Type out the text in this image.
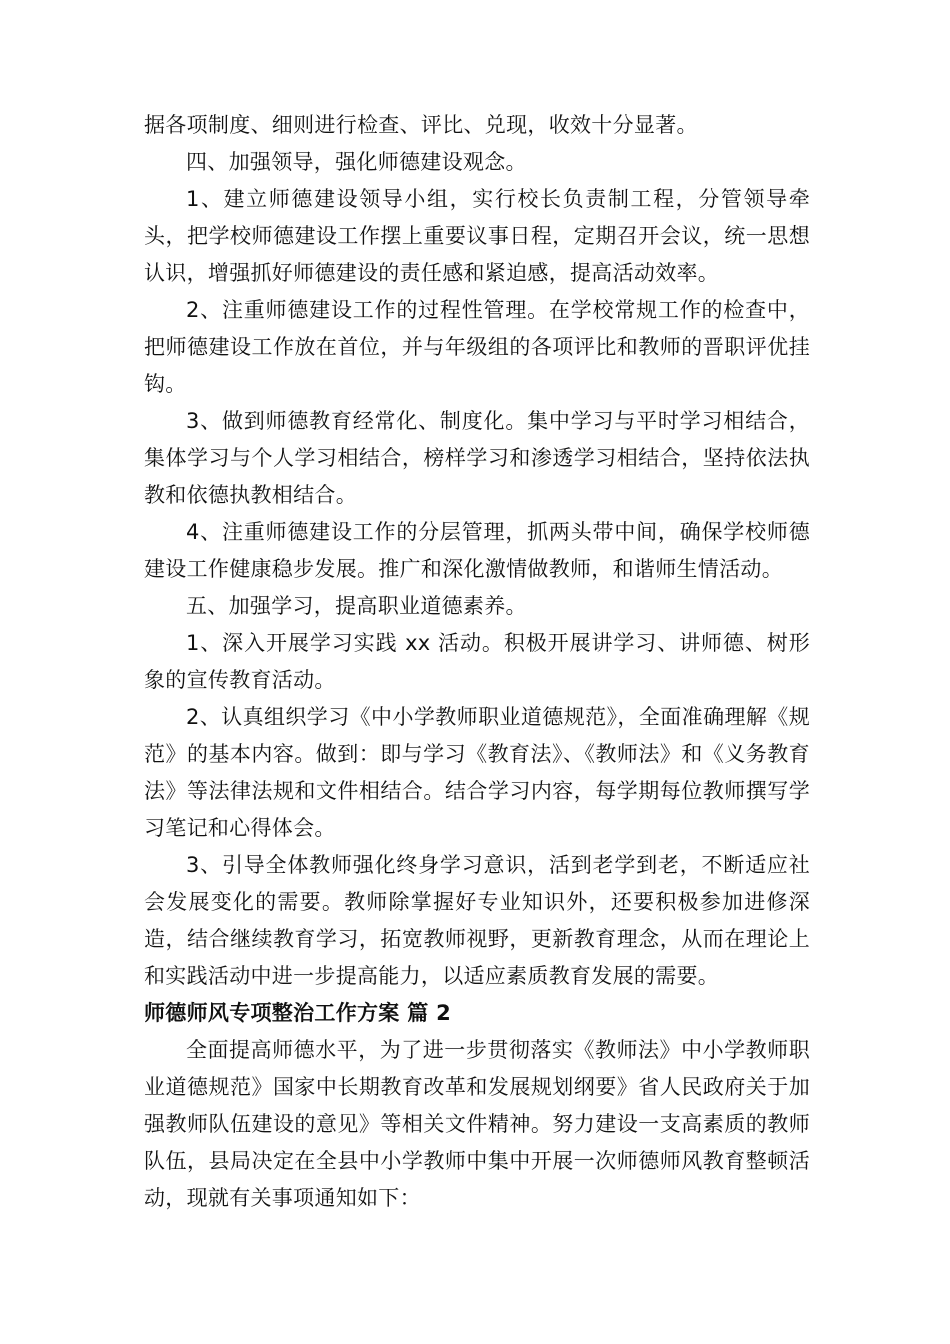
据各项制度、细则进行检查、评比、兑现，收效十分显著。

四、加强领导，强化师德建设观念。

1、建立师德建设领导小组，实行校长负责制工程，分管领导牵头，把学校师德建设工作摆上重要议事日程，定期召开会议，统一思想认识，增强抓好师德建设的责任感和紧迫感，提高活动效率。

2、注重师德建设工作的过程性管理。在学校常规工作的检查中，把师德建设工作放在首位，并与年级组的各项评比和教师的晋职评优挂钩。

3、做到师德教育经常化、制度化。集中学习与平时学习相结合，集体学习与个人学习相结合，榜样学习和渗透学习相结合，坚持依法执教和依德执教相结合。

4、注重师德建设工作的分层管理，抓两头带中间，确保学校师德建设工作健康稳步发展。推广和深化激情做教师，和谐师生情活动。

五、加强学习，提高职业道德素养。

1、深入开展学习实践 xx 活动。积极开展讲学习、讲师德、树形象的宣传教育活动。

2、认真组织学习《中小学教师职业道德规范》，全面准确理解《规范》的基本内容。做到：即与学习《教育法》、《教师法》和《义务教育法》等法律法规和文件相结合。结合学习内容，每学期每位教师撰写学习笔记和心得体会。

3、引导全体教师强化终身学习意识，活到老学到老，不断适应社会发展变化的需要。教师除掌握好专业知识外，还要积极参加进修深造，结合继续教育学习，拓宽教师视野，更新教育理念，从而在理论上和实践活动中进一步提高能力，以适应素质教育发展的需要。

师德师风专项整治工作方案 篇 2

全面提高师德水平，为了进一步贯彻落实《教师法》中小学教师职业道德规范》国家中长期教育改革和发展规划纲要》省人民政府关于加强教师队伍建设的意见》等相关文件精神。努力建设一支高素质的教师队伍，县局决定在全县中小学教师中集中开展一次师德师风教育整顿活动，现就有关事项通知如下：
